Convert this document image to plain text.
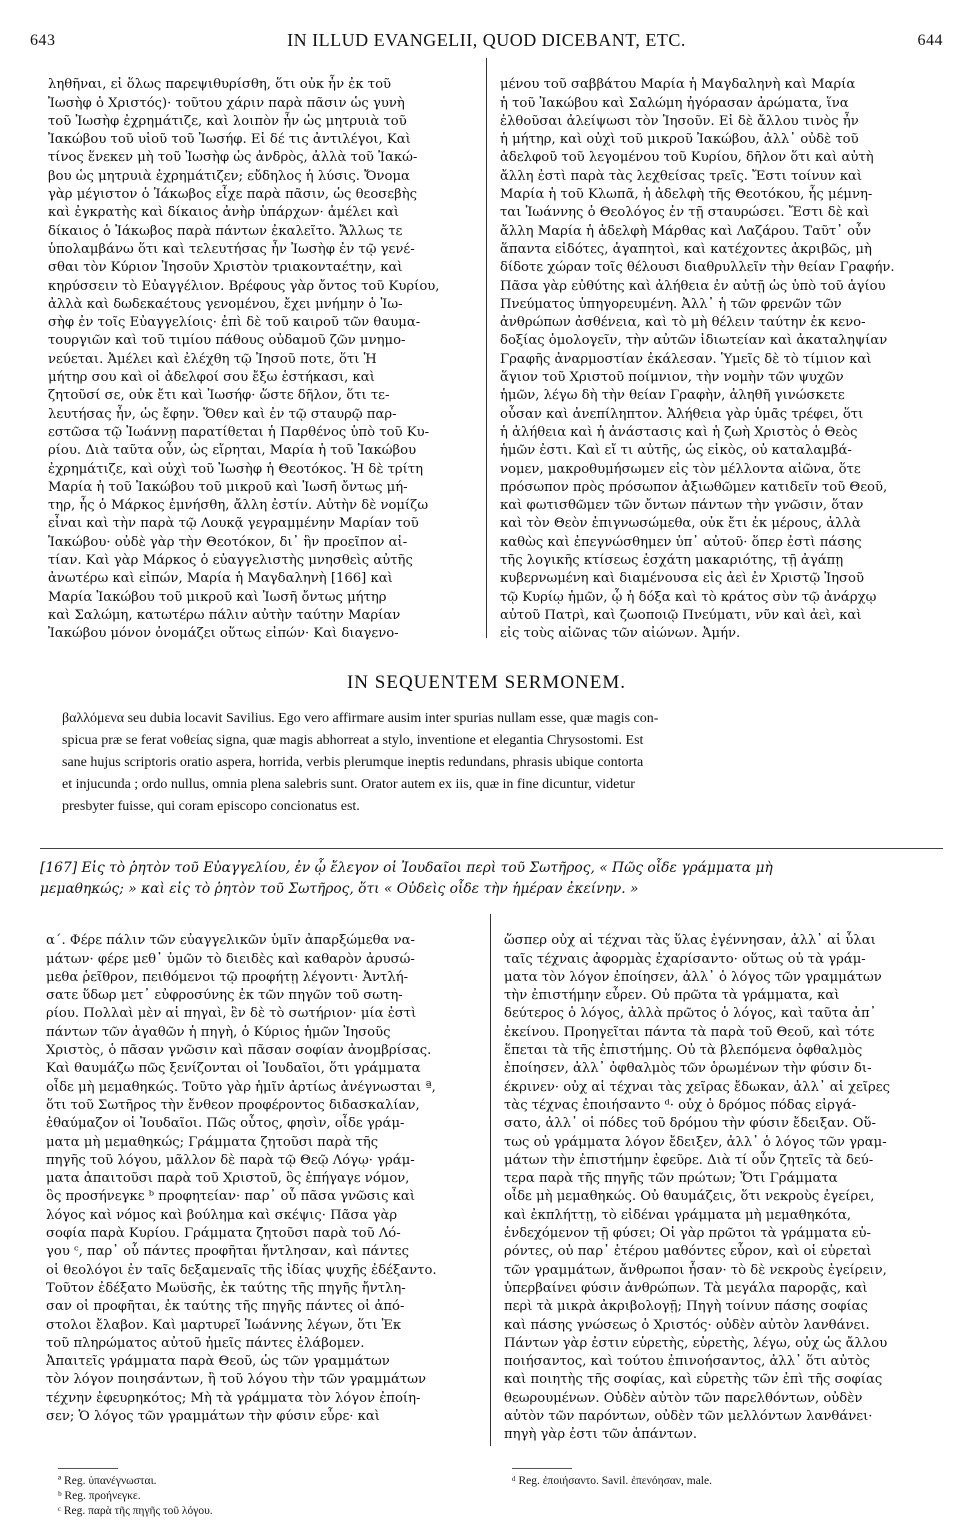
643	IN ILLUD EVANGELII, QUOD DICEBANT, ETC.	644

ληθῆναι, εἰ ὅλως παρεψιθυρίσθη, ὅτι οὐκ ἦν ἐκ τοῦ
Ἰωσὴφ ὁ Χριστός)· τοῦτου χάριν παρὰ πᾶσιν ὡς γυνὴ
τοῦ Ἰωσὴφ ἐχρημάτιζε, καὶ λοιπὸν ἦν ὡς μητρυιὰ τοῦ
Ἰακώβου τοῦ υἱοῦ τοῦ Ἰωσήφ. Εἰ δέ τις ἀντιλέγοι, Καὶ
τίνος ἕνεκεν μὴ τοῦ Ἰωσὴφ ὡς ἀνδρὸς, ἀλλὰ τοῦ Ἰακώ-
βου ὡς μητρυιὰ ἐχρημάτιζεν; εὔδηλος ἡ λύσις. Ὄνομα
γὰρ μέγιστον ὁ Ἰάκωβος εἶχε παρὰ πᾶσιν, ὡς θεοσεβὴς
καὶ ἐγκρατὴς καὶ δίκαιος ἀνὴρ ὑπάρχων· ἀμέλει καὶ
δίκαιος ὁ Ἰάκωβος παρὰ πάντων ἐκαλεῖτο. Ἄλλως τε
ὑπολαμβάνω ὅτι καὶ τελευτήσας ἦν Ἰωσὴφ ἐν τῷ γενέ-
σθαι τὸν Κύριον Ἰησοῦν Χριστὸν τριακονταέτην, καὶ
κηρύσσειν τὸ Εὐαγγέλιον. Βρέφους γὰρ ὄντος τοῦ Κυρίου,
ἀλλὰ καὶ δωδεκαέτους γενομένου, ἔχει μνήμην ὁ Ἰω-
σὴφ ἐν τοῖς Εὐαγγελίοις· ἐπὶ δὲ τοῦ καιροῦ τῶν θαυμα-
τουργιῶν καὶ τοῦ τιμίου πάθους οὐδαμοῦ ζῶν μνημο-
νεύεται. Ἀμέλει καὶ ἐλέχθη τῷ Ἰησοῦ ποτε, ὅτι Ἡ
μήτηρ σου καὶ οἱ ἀδελφοί σου ἔξω ἑστήκασι, καὶ
ζητοῦσί σε, οὐκ ἔτι καὶ Ἰωσήφ· ὥστε δῆλον, ὅτι τε-
λευτήσας ἦν, ὡς ἔφην. Ὅθεν καὶ ἐν τῷ σταυρῷ παρ-
εστῶσα τῷ Ἰωάννῃ παρατίθεται ἡ Παρθένος ὑπὸ τοῦ Κυ-
ρίου. Διὰ ταῦτα οὖν, ὡς εἴρηται, Μαρία ἡ τοῦ Ἰακώβου
ἐχρημάτιζε, καὶ οὐχὶ τοῦ Ἰωσὴφ ἡ Θεοτόκος. Ἡ δὲ τρίτη
Μαρία ἡ τοῦ Ἰακώβου τοῦ μικροῦ καὶ Ἰωσῆ ὄντως μή-
τηρ, ἧς ὁ Μάρκος ἐμνήσθη, ἄλλη ἐστίν. Αὐτὴν δὲ νομίζω
εἶναι καὶ τὴν παρὰ τῷ Λουκᾷ γεγραμμένην Μαρίαν τοῦ
Ἰακώβου· οὐδὲ γὰρ τὴν Θεοτόκον, δι᾽ ἣν προεῖπον αἰ-
τίαν. Καὶ γὰρ Μάρκος ὁ εὐαγγελιστὴς μνησθεὶς αὐτῆς
ἀνωτέρω καὶ εἰπών, Μαρία ἡ Μαγδαληνὴ [166] καὶ
Μαρία Ἰακώβου τοῦ μικροῦ καὶ Ἰωσῆ ὄντως μήτηρ
καὶ Σαλώμη, κατωτέρω πάλιν αὐτὴν ταύτην Μαρίαν
Ἰακώβου μόνον ὀνομάζει οὕτως εἰπών· Καὶ διαγενο-

μένου τοῦ σαββάτου Μαρία ἡ Μαγδαληνὴ καὶ Μαρία
ἡ τοῦ Ἰακώβου καὶ Σαλώμη ἠγόρασαν ἀρώματα, ἵνα
ἐλθοῦσαι ἀλείψωσι τὸν Ἰησοῦν. Εἰ δὲ ἄλλου τινὸς ἦν
ἡ μήτηρ, καὶ οὐχὶ τοῦ μικροῦ Ἰακώβου, ἀλλ᾽ οὐδὲ τοῦ
ἀδελφοῦ τοῦ λεγομένου τοῦ Κυρίου, δῆλον ὅτι καὶ αὐτὴ
ἄλλη ἐστὶ παρὰ τὰς λεχθείσας τρεῖς. Ἔστι τοίνυν καὶ
Μαρία ἡ τοῦ Κλωπᾶ, ἡ ἀδελφὴ τῆς Θεοτόκου, ἧς μέμνη-
ται Ἰωάννης ὁ Θεολόγος ἐν τῇ σταυρώσει. Ἔστι δὲ καὶ
ἄλλη Μαρία ἡ ἀδελφὴ Μάρθας καὶ Λαζάρου. Ταῦτ᾽ οὖν
ἅπαντα εἰδότες, ἀγαπητοὶ, καὶ κατέχοντες ἀκριβῶς, μὴ
δίδοτε χώραν τοῖς θέλουσι διαθρυλλεῖν τὴν θείαν Γραφήν.
Πᾶσα γὰρ εὐθύτης καὶ ἀλήθεια ἐν αὐτῇ ὡς ὑπὸ τοῦ ἁγίου
Πνεύματος ὑπηγορευμένη. Ἀλλ᾽ ἡ τῶν φρενῶν τῶν
ἀνθρώπων ἀσθένεια, καὶ τὸ μὴ θέλειν ταύτην ἐκ κενο-
δοξίας ὁμολογεῖν, τὴν αὐτῶν ἰδιωτείαν καὶ ἀκαταληψίαν
Γραφῆς ἀναρμοστίαν ἐκάλεσαν. Ὑμεῖς δὲ τὸ τίμιον καὶ
ἅγιον τοῦ Χριστοῦ ποίμνιον, τὴν νομὴν τῶν ψυχῶν
ἡμῶν, λέγω δὴ τὴν θείαν Γραφὴν, ἀληθῆ γινώσκετε
οὖσαν καὶ ἀνεπίληπτον. Ἀλήθεια γὰρ ὑμᾶς τρέφει, ὅτι
ἡ ἀλήθεια καὶ ἡ ἀνάστασις καὶ ἡ ζωὴ Χριστὸς ὁ Θεὸς
ἡμῶν ἐστι. Καὶ εἴ τι αὐτῆς, ὡς εἰκὸς, οὐ καταλαμβά-
νομεν, μακροθυμήσωμεν εἰς τὸν μέλλοντα αἰῶνα, ὅτε
πρόσωπον πρὸς πρόσωπον ἀξιωθῶμεν κατιδεῖν τοῦ Θεοῦ,
καὶ φωτισθῶμεν τῶν ὄντων πάντων τὴν γνῶσιν, ὅταν
καὶ τὸν Θεὸν ἐπιγνωσώμεθα, οὐκ ἔτι ἐκ μέρους, ἀλλὰ
καθὼς καὶ ἐπεγνώσθημεν ὑπ᾽ αὐτοῦ· ὅπερ ἐστὶ πάσης
τῆς λογικῆς κτίσεως ἐσχάτη μακαριότης, τῇ ἀγάπῃ
κυβερνωμένη καὶ διαμένουσα εἰς ἀεὶ ἐν Χριστῷ Ἰησοῦ
τῷ Κυρίῳ ἡμῶν, ᾧ ἡ δόξα καὶ τὸ κράτος σὺν τῷ ἀνάρχῳ
αὐτοῦ Πατρὶ, καὶ ζωοποιῷ Πνεύματι, νῦν καὶ ἀεὶ, καὶ
εἰς τοὺς αἰῶνας τῶν αἰώνων. Ἀμήν.

IN SEQUENTEM SERMONEM.
βαλλόμενα seu dubia locavit Savilius. Ego vero affirmare ausim inter spurias nullam esse, quæ magis con-
spicua præ se ferat νοθείας signa, quæ magis abhorreat a stylo, inventione et elegantia Chrysostomi. Est
sane hujus scriptoris oratio aspera, horrida, verbis plerumque ineptis redundans, phrasis ubique contorta
et injucunda ; ordo nullus, omnia plena salebris sunt. Orator autem ex iis, quæ in fine dicuntur, videtur
presbyter fuisse, qui coram episcopo concionatus est.
[167] Εἰς τὸ ῥητὸν τοῦ Εὐαγγελίου, ἐν ᾧ ἔλεγον οἱ Ἰουδαῖοι περὶ τοῦ Σωτῆρος, « Πῶς οἶδε γράμματα μὴ
μεμαθηκώς; » καὶ εἰς τὸ ῥητὸν τοῦ Σωτῆρος, ὅτι « Οὐδεὶς οἶδε τὴν ἡμέραν ἐκείνην. »

α΄. Φέρε πάλιν τῶν εὐαγγελικῶν ὑμῖν ἀπαρξώμεθα να-
μάτων· φέρε μεθ᾽ ὑμῶν τὸ διειδὲς καὶ καθαρὸν ἀρυσώ-
μεθα ῥεῖθρον, πειθόμενοι τῷ προφήτῃ λέγοντι· Ἀντλή-
σατε ὕδωρ μετ᾽ εὐφροσύνης ἐκ τῶν πηγῶν τοῦ σωτη-
ρίου. Πολλαὶ μὲν αἱ πηγαὶ, ἓν δὲ τὸ σωτήριον· μία ἐστὶ
πάντων τῶν ἀγαθῶν ἡ πηγὴ, ὁ Κύριος ἡμῶν Ἰησοῦς
Χριστὸς, ὁ πᾶσαν γνῶσιν καὶ πᾶσαν σοφίαν ἀνομβρίσας.
Καὶ θαυμάζω πῶς ξενίζονται οἱ Ἰουδαῖοι, ὅτι γράμματα
οἶδε μὴ μεμαθηκώς. Τοῦτο γὰρ ἡμῖν ἀρτίως ἀνέγνωσται ª,
ὅτι τοῦ Σωτῆρος τὴν ἔνθεον προφέροντος διδασκαλίαν,
ἐθαύμαζον οἱ Ἰουδαῖοι. Πῶς οὗτος, φησὶν, οἶδε γράμ-
ματα μὴ μεμαθηκώς; Γράμματα ζητοῦσι παρὰ τῆς
πηγῆς τοῦ λόγου, μᾶλλον δὲ παρὰ τῷ Θεῷ Λόγῳ· γράμ-
ματα ἀπαιτοῦσι παρὰ τοῦ Χριστοῦ, ὃς ἐπήγαγε νόμον,
ὃς προσήνεγκε ᵇ προφητείαν· παρ᾽ οὗ πᾶσα γνῶσις καὶ
λόγος καὶ νόμος καὶ βούλημα καὶ σκέψις· Πᾶσα γὰρ
σοφία παρὰ Κυρίου. Γράμματα ζητοῦσι παρὰ τοῦ Λό-
γου ᶜ, παρ᾽ οὗ πάντες προφῆται ἤντλησαν, καὶ πάντες
οἱ θεολόγοι ἐν ταῖς δεξαμεναῖς τῆς ἰδίας ψυχῆς ἐδέξαντο.
Τοῦτον ἐδέξατο Μωϋσῆς, ἐκ ταύτης τῆς πηγῆς ἤντλη-
σαν οἱ προφῆται, ἐκ ταύτης τῆς πηγῆς πάντες οἱ ἀπό-
στολοι ἔλαβον. Καὶ μαρτυρεῖ Ἰωάννης λέγων, ὅτι Ἐκ
τοῦ πληρώματος αὐτοῦ ἡμεῖς πάντες ἐλάβομεν.
Ἀπαιτεῖς γράμματα παρὰ Θεοῦ, ὡς τῶν γραμμάτων
τὸν λόγον ποιησάντων, ἢ τοῦ λόγου τὴν τῶν γραμμάτων
τέχνην ἐφευρηκότος; Μὴ τὰ γράμματα τὸν λόγον ἐποίη-
σεν; Ὁ λόγος τῶν γραμμάτων τὴν φύσιν εὗρε· καὶ

ὥσπερ οὐχ αἱ τέχναι τὰς ὕλας ἐγέννησαν, ἀλλ᾽ αἱ ὗλαι
ταῖς τέχναις ἀφορμὰς ἐχαρίσαντο· οὕτως οὐ τὰ γράμ-
ματα τὸν λόγον ἐποίησεν, ἀλλ᾽ ὁ λόγος τῶν γραμμάτων
τὴν ἐπιστήμην εὗρεν. Οὐ πρῶτα τὰ γράμματα, καὶ
δεύτερος ὁ λόγος, ἀλλὰ πρῶτος ὁ λόγος, καὶ ταῦτα ἀπ᾽
ἐκείνου. Προηγεῖται πάντα τὰ παρὰ τοῦ Θεοῦ, καὶ τότε
ἕπεται τὰ τῆς ἐπιστήμης. Οὐ τὰ βλεπόμενα ὀφθαλμὸς
ἐποίησεν, ἀλλ᾽ ὀφθαλμὸς τῶν ὁρωμένων τὴν φύσιν δι-
έκρινεν· οὐχ αἱ τέχναι τὰς χεῖρας ἔδωκαν, ἀλλ᾽ αἱ χεῖρες
τὰς τέχνας ἐποιήσαντο ᵈ· οὐχ ὁ δρόμος πόδας εἰργά-
σατο, ἀλλ᾽ οἱ πόδες τοῦ δρόμου τὴν φύσιν ἔδειξαν. Οὕ-
τως οὐ γράμματα λόγον ἔδειξεν, ἀλλ᾽ ὁ λόγος τῶν γραμ-
μάτων τὴν ἐπιστήμην ἐφεῦρε. Διὰ τί οὖν ζητεῖς τὰ δεύ-
τερα παρὰ τῆς πηγῆς τῶν πρώτων; Ὅτι Γράμματα
οἶδε μὴ μεμαθηκώς. Οὐ θαυμάζεις, ὅτι νεκροὺς ἐγείρει,
καὶ ἐκπλήττῃ, τὸ εἰδέναι γράμματα μὴ μεμαθηκότα,
ἐνδεχόμενον τῇ φύσει; Οἱ γὰρ πρῶτοι τὰ γράμματα εὑ-
ρόντες, οὐ παρ᾽ ἑτέρου μαθόντες εὗρον, καὶ οἱ εὑρεταὶ
τῶν γραμμάτων, ἄνθρωποι ἦσαν· τὸ δὲ νεκροὺς ἐγείρειν,
ὑπερβαίνει φύσιν ἀνθρώπων. Τὰ μεγάλα παρορᾷς, καὶ
περὶ τὰ μικρὰ ἀκριβολογῇ; Πηγὴ τοίνυν πάσης σοφίας
καὶ πάσης γνώσεως ὁ Χριστός· οὐδὲν αὐτὸν λανθάνει.
Πάντων γὰρ ἐστιν εὑρετὴς, εὑρετὴς, λέγω, οὐχ ὡς ἄλλου
ποιήσαντος, καὶ τούτου ἐπινοήσαντος, ἀλλ᾽ ὅτι αὐτὸς
καὶ ποιητὴς τῆς σοφίας, καὶ εὑρετὴς τῶν ἐπὶ τῆς σοφίας
θεωρουμένων. Οὐδὲν αὐτὸν τῶν παρελθόντων, οὐδὲν
αὐτὸν τῶν παρόντων, οὐδὲν τῶν μελλόντων λανθάνει·
πηγὴ γὰρ ἐστι τῶν ἁπάντων.

ª Reg. ὑπανέγνωσται.
ᵇ Reg. προήνεγκε.
ᶜ Reg. παρὰ τῆς πηγῆς τοῦ λόγου.
ᵈ Reg. ἐποιήσαντο. Savil. ἐπενόησαν, male.
